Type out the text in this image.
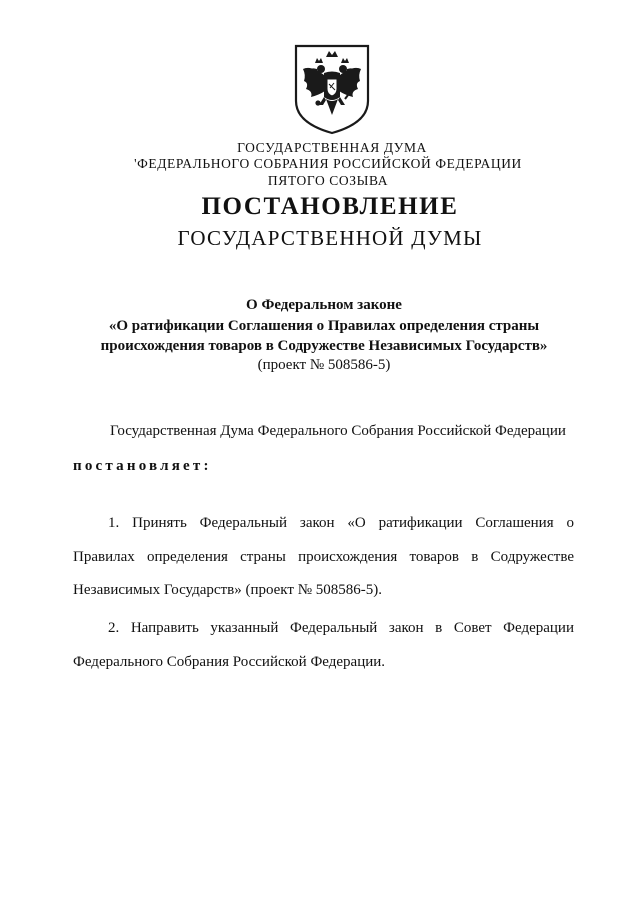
ГОСУДАРСТВЕННАЯ ДУМА
'ФЕДЕРАЛЬНОГО СОБРАНИЯ РОССИЙСКОЙ ФЕДЕРАЦИИ
ПЯТОГО СОЗЫВА
ПОСТАНОВЛЕНИЕ
ГОСУДАРСТВЕННОЙ ДУМЫ
О Федеральном законе
«О ратификации Соглашения о Правилах определения страны
происхождения товаров в Содружестве Независимых Государств»
(проект № 508586-5)
Государственная Дума Федерального Собрания Российской Федерации
постановляет:
1. Принять Федеральный закон «О ратификации Соглашения о
Правилах определения страны происхождения товаров в Содружестве
Независимых Государств» (проект № 508586-5).
2. Направить указанный Федеральный закон в Совет Федерации
Федерального Собрания Российской Федерации.
